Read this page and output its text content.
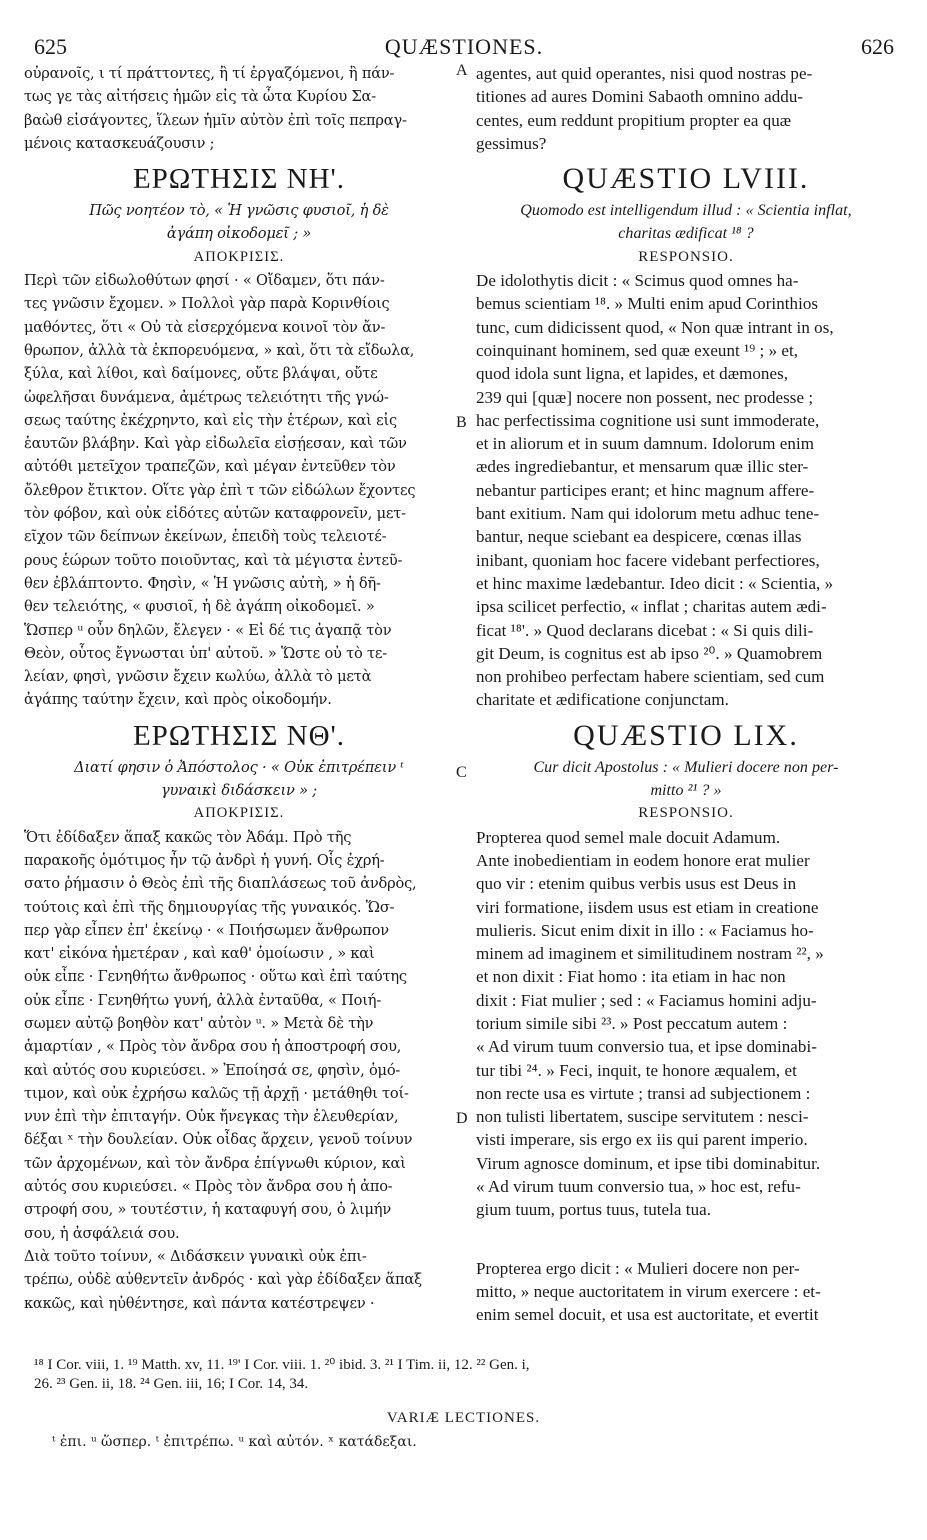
625	QUÆSTIONES.	626
A
B
C
D
οὐρανοῖς, ι τί πράττοντες, ἢ τί ἐργαζόμενοι, ἢ πάν-
τως γε τὰς αἰτήσεις ἡμῶν εἰς τὰ ὦτα Κυρίου Σα-
βαὼθ εἰσάγοντες, ἵλεων ἡμῖν αὐτὸν ἐπὶ τοῖς πεπραγ-
μένοις κατασκευάζουσιν ;
ΕΡΩΤΗΣΙΣ ΝΗ'.
Πῶς νοητέον τὸ, « Ἡ γνῶσις φυσιοῖ, ἡ δὲ
ἀγάπη οἰκοδομεῖ ; »
ΑΠΟΚΡΙΣΙΣ.
Περὶ τῶν εἰδωλοθύτων φησί · « Οἴδαμεν, ὅτι πάν-
τες γνῶσιν ἔχομεν. » Πολλοὶ γὰρ παρὰ Κορινθίοις
μαθόντες, ὅτι « Οὐ τὰ εἰσερχόμενα κοινοῖ τὸν ἄν-
θρωπον, ἀλλὰ τὰ ἐκπορευόμενα, » καὶ, ὅτι τὰ εἴδωλα,
ξύλα, καὶ λίθοι, καὶ δαίμονες, οὔτε βλάψαι, οὔτε
ὠφελῆσαι δυνάμενα, ἀμέτρως τελειότητι τῆς γνώ-
σεως ταύτης ἐκέχρηντο, καὶ εἰς τὴν ἑτέρων, καὶ εἰς
ἑαυτῶν βλάβην. Καὶ γὰρ εἰδωλεῖα εἰσῄεσαν, καὶ τῶν
αὐτόθι μετεῖχον τραπεζῶν, καὶ μέγαν ἐντεῦθεν τὸν
ὄλεθρον ἔτικτον. Οἵτε γὰρ ἐπὶ τ τῶν εἰδώλων ἔχοντες
τὸν φόβον, καὶ οὐκ εἰδότες αὐτῶν καταφρονεῖν, μετ-
εῖχον τῶν δείπνων ἐκείνων, ἐπειδὴ τοὺς τελειοτέ-
ρους ἑώρων τοῦτο ποιοῦντας, καὶ τὰ μέγιστα ἐντεῦ-
θεν ἐβλάπτοντο. Φησὶν, « Ἡ γνῶσις αὐτὴ, » ἡ δῆ-
θεν τελειότης, « φυσιοῖ, ἡ δὲ ἀγάπη οἰκοδομεῖ. »
Ὥσπερ ᵘ οὖν δηλῶν, ἔλεγεν · « Εἰ δέ τις ἀγαπᾷ τὸν
Θεὸν, οὗτος ἔγνωσται ὑπ' αὐτοῦ. » Ὥστε οὐ τὸ τε-
λείαν, φησὶ, γνῶσιν ἔχειν κωλύω, ἀλλὰ τὸ μετὰ
ἀγάπης ταύτην ἔχειν, καὶ πρὸς οἰκοδομήν.
ΕΡΩΤΗΣΙΣ ΝΘ'.
Διατί φησιν ὁ Ἀπόστολος · « Οὐκ ἐπιτρέπειν ᵗ
γυναικὶ διδάσκειν » ;
ΑΠΟΚΡΙΣΙΣ.
Ὅτι ἐδίδαξεν ἅπαξ κακῶς τὸν Ἀδάμ. Πρὸ τῆς
παρακοῆς ὁμότιμος ἦν τῷ ἀνδρὶ ἡ γυνή. Οἷς ἐχρή-
σατο ῥήμασιν ὁ Θεὸς ἐπὶ τῆς διαπλάσεως τοῦ ἀνδρὸς,
τούτοις καὶ ἐπὶ τῆς δημιουργίας τῆς γυναικός. Ὥσ-
περ γὰρ εἶπεν ἐπ' ἐκείνῳ · « Ποιήσωμεν ἄνθρωπον
κατ' εἰκόνα ἡμετέραν , καὶ καθ' ὁμοίωσιν , » καὶ
οὐκ εἶπε · Γενηθήτω ἄνθρωπος · οὕτω καὶ ἐπὶ ταύτης
οὐκ εἶπε · Γενηθήτω γυνή, ἀλλὰ ἐνταῦθα, « Ποιή-
σωμεν αὐτῷ βοηθὸν κατ' αὐτὸν ᵘ. » Μετὰ δὲ τὴν
ἁμαρτίαν , « Πρὸς τὸν ἄνδρα σου ἡ ἀποστροφή σου,
καὶ αὐτός σου κυριεύσει. » Ἐποίησά σε, φησὶν, ὁμό-
τιμον, καὶ οὐκ ἐχρήσω καλῶς τῇ ἀρχῇ · μετάθηθι τοί-
νυν ἐπὶ τὴν ἐπιταγήν. Οὐκ ἤνεγκας τὴν ἐλευθερίαν,
δέξαι ˣ τὴν δουλείαν. Οὐκ οἶδας ἄρχειν, γενοῦ τοίνυν
τῶν ἀρχομένων, καὶ τὸν ἄνδρα ἐπίγνωθι κύριον, καὶ
αὐτός σου κυριεύσει. « Πρὸς τὸν ἄνδρα σου ἡ ἀπο-
στροφή σου, » τουτέστιν, ἡ καταφυγή σου, ὁ λιμήν
σου, ἡ ἀσφάλειά σου.
Διὰ τοῦτο τοίνυν, « Διδάσκειν γυναικὶ οὐκ ἐπι-
τρέπω, οὐδὲ αὐθεντεῖν ἀνδρός · καὶ γὰρ ἐδίδαξεν ἅπαξ
κακῶς, καὶ ηὐθέντησε, καὶ πάντα κατέστρεψεν ·
agentes, aut quid operantes, nisi quod nostras pe-
titiones ad aures Domini Sabaoth omnino addu-
centes, eum reddunt propitium propter ea quæ
gessimus?
QUÆSTIO LVIII.
Quomodo est intelligendum illud : « Scientia inflat,
charitas ædificat ¹⁸ ?
RESPONSIO.
De idolothytis dicit : « Scimus quod omnes ha-
bemus scientiam ¹⁸. » Multi enim apud Corinthios
tunc, cum didicissent quod, « Non quæ intrant in os,
coinquinant hominem, sed quæ exeunt ¹⁹ ; » et,
quod idola sunt ligna, et lapides, et dæmones,
239 qui [quæ] nocere non possent, nec prodesse ;
hac perfectissima cognitione usi sunt immoderate,
et in aliorum et in suum damnum. Idolorum enim
ædes ingrediebantur, et mensarum quæ illic ster-
nebantur participes erant; et hinc magnum affere-
bant exitium. Nam qui idolorum metu adhuc tene-
bantur, neque sciebant ea despicere, cœnas illas
inibant, quoniam hoc facere videbant perfectiores,
et hinc maxime lædebantur. Ideo dicit : « Scientia, »
ipsa scilicet perfectio, « inflat ; charitas autem ædi-
ficat ¹⁸'. » Quod declarans dicebat : « Si quis dili-
git Deum, is cognitus est ab ipso ²⁰. » Quamobrem
non prohibeo perfectam habere scientiam, sed cum
charitate et ædificatione conjunctam.
QUÆSTIO LIX.
Cur dicit Apostolus : « Mulieri docere non per-
mitto ²¹ ? »
RESPONSIO.
Propterea quod semel male docuit Adamum.
Ante inobedientiam in eodem honore erat mulier
quo vir : etenim quibus verbis usus est Deus in
viri formatione, iisdem usus est etiam in creatione
mulieris. Sicut enim dixit in illo : « Faciamus ho-
minem ad imaginem et similitudinem nostram ²², »
et non dixit : Fiat homo : ita etiam in hac non
dixit : Fiat mulier ; sed : « Faciamus homini adju-
torium simile sibi ²³. » Post peccatum autem :
« Ad virum tuum conversio tua, et ipse dominabi-
tur tibi ²⁴. » Feci, inquit, te honore æqualem, et
non recte usa es virtute ; transi ad subjectionem :
non tulisti libertatem, suscipe servitutem : nesci-
visti imperare, sis ergo ex iis qui parent imperio.
Virum agnosce dominum, et ipse tibi dominabitur.
« Ad virum tuum conversio tua, » hoc est, refu-
gium tuum, portus tuus, tutela tua.
Propterea ergo dicit : « Mulieri docere non per-
mitto, » neque auctoritatem in virum exercere : et-
enim semel docuit, et usa est auctoritate, et evertit
¹⁸ I Cor. viii, 1. ¹⁹ Matth. xv, 11. ¹⁹' I Cor. viii. 1. ²⁰ ibid. 3. ²¹ I Tim. ii, 12. ²² Gen. i,
26. ²³ Gen. ii, 18. ²⁴ Gen. iii, 16; I Cor. 14, 34.
VARIÆ LECTIONES.
ᵗ ἐπι. ᵘ ὥσπερ. ᵗ ἐπιτρέπω. ᵘ καὶ αὐτόν. ˣ κατάδεξαι.
